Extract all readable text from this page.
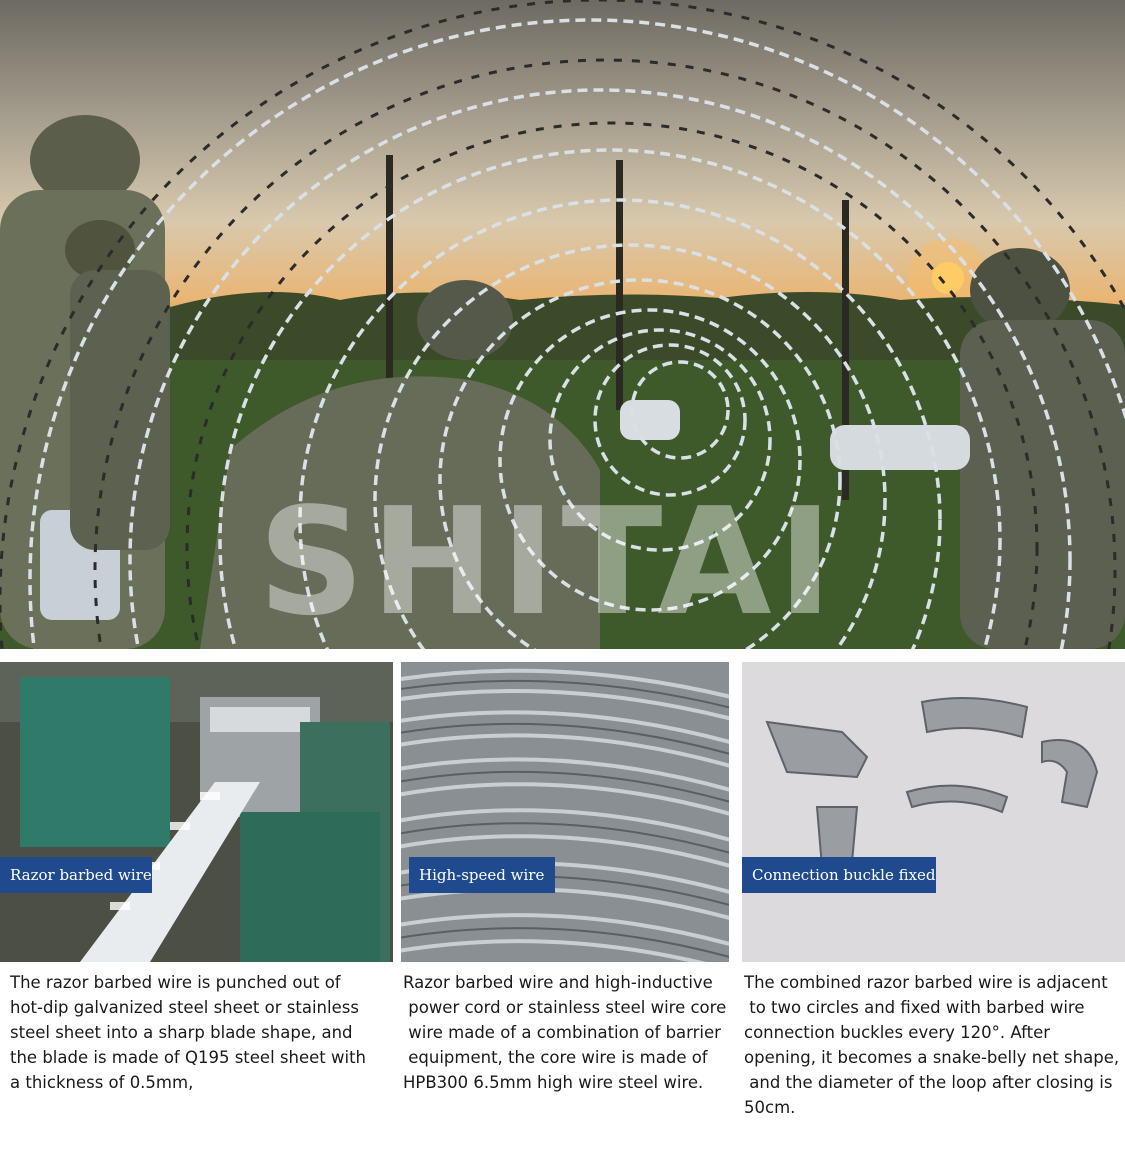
SHITAI
Razor barbed wire	High-speed wire	Connection buckle fixed
The razor barbed wire is punched out of
hot-dip galvanized steel sheet or stainless
steel sheet into a sharp blade shape, and
the blade is made of Q195 steel sheet with
a thickness of 0.5mm,
Razor barbed wire and high-inductive
power cord or stainless steel wire core
wire made of a combination of barrier
equipment, the core wire is made of
HPB300 6.5mm high wire steel wire.
The combined razor barbed wire is adjacent
to two circles and fixed with barbed wire
connection buckles every 120°. After
opening, it becomes a snake-belly net shape,
and the diameter of the loop after closing is
50cm.
